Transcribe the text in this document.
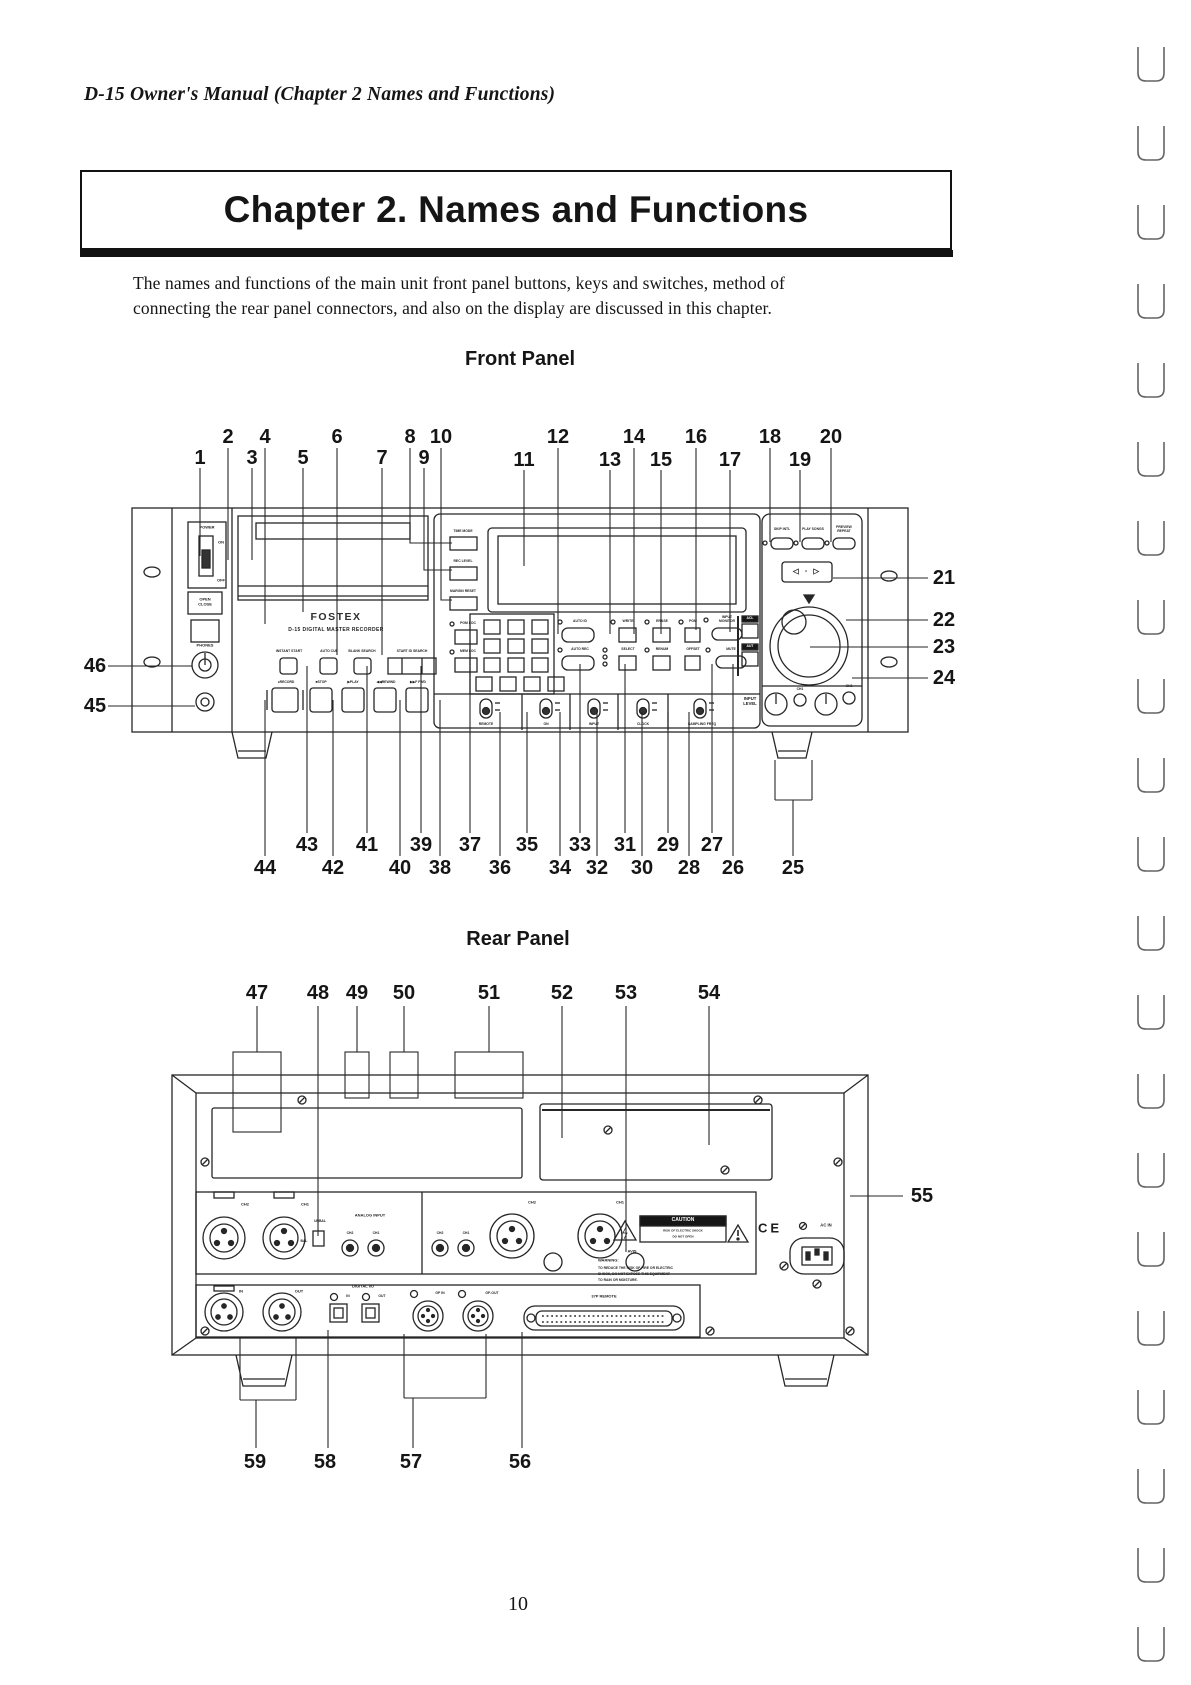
D-15 Owner's Manual (Chapter 2 Names and Functions)
Chapter 2. Names and Functions
The names and functions of the main unit front panel buttons, keys and switches, method of
connecting the rear panel connectors, and also on the display are discussed in this chapter.
Front Panel
Rear Panel
10
1
2
3
4
5
6
7
8
9
10
11
12
13
14
15
16
17
18
19
20
21
22
23
24
25
26
27
28
29
30
31
32
33
34
35
36
37
38
39
40
41
42
43
44
45
46
47 48 49 50	51	52 53	54
55
56
57
58
59
POWER
ON
OFF
OPEN CLOSE
PHONES
FOSTEX
D-15 DIGITAL MASTER RECORDER
INSTANT START	AUTO CUE	BLANK SEARCH	START ID SEARCH
●RECORD	■STOP	▶PLAY	◀◀REWIND	▶▶F FWD
TIME MODE
REC LEVEL
MARGIN RESET
PGM LOC
MEM LOC
AUTO ID
AUTO REC
WRITE	ERASE	PGM
INPUT MONITOR
SELECT	RENUM	OFFSET	MUTE
ACL
AUT
SKIP INTL	PLAY SONGS	PREVIEW REPEAT
◁ ▫ ▷
REMOTE	ON	INPUT	CLOCK	SAMPLING FREQ
INPUT LEVEL
CH1
CH2
CH2	CH1
UNBAL
BAL
ANALOG INPUT
CH2	CH1	CH2	CH1
CH2	CH1
CAUTION
RISK OF ELECTRIC SHOCK
DO NOT OPEN
AVIS
WARNING:
TO REDUCE THE RISK OF FIRE OR ELECTRIC
SHOCK, DO NOT EXPOSE THIS EQUIPMENT
TO RAIN OR MOISTURE.
CE	AC IN
IN	OUT
DIGITAL I/O
IN	OUT
GP IN	GP-OUT
37P REMOTE
